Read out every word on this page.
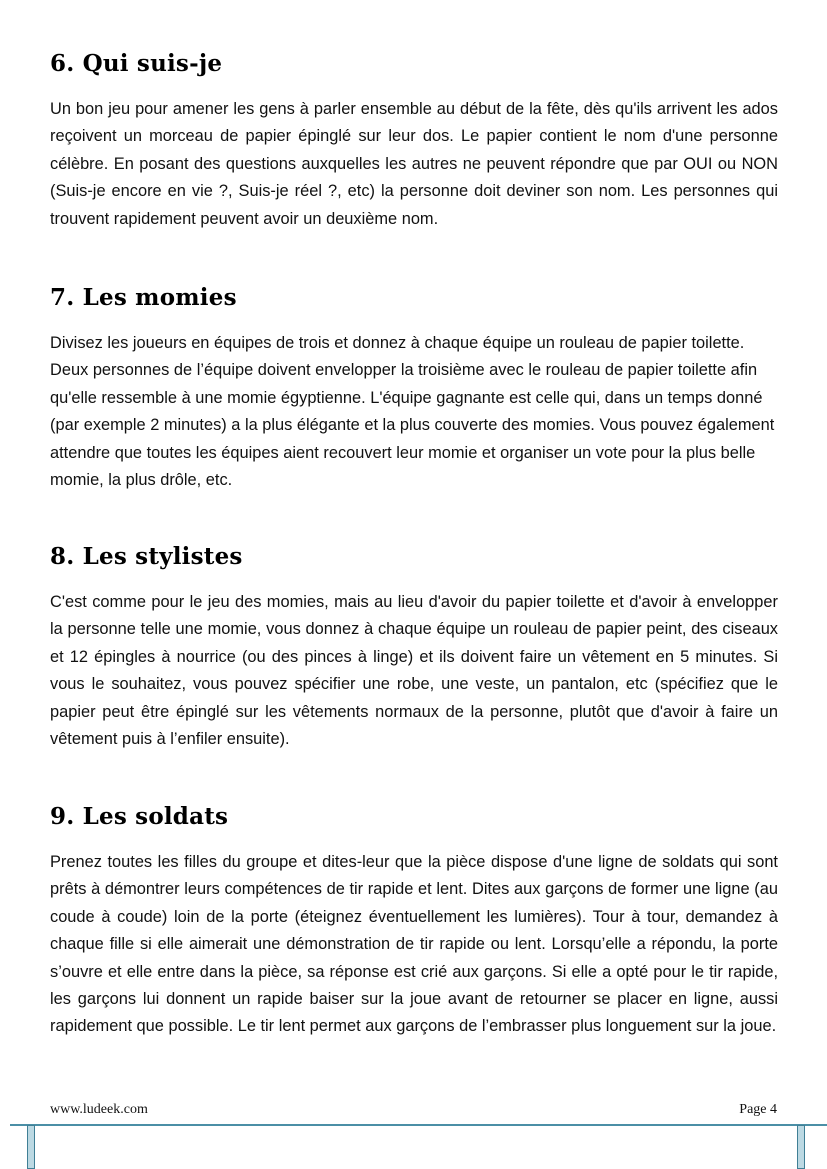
6. Qui suis-je

Un bon jeu pour amener les gens à parler ensemble au début de la fête, dès qu'ils arrivent les ados reçoivent un morceau de papier épinglé sur leur dos. Le papier contient le nom d'une personne célèbre. En posant des questions auxquelles les autres ne peuvent répondre que par OUI ou NON (Suis-je encore en vie ?, Suis-je réel ?, etc) la personne doit deviner son nom. Les personnes qui trouvent rapidement peuvent avoir un deuxième nom.

7. Les momies

Divisez les joueurs en équipes de trois et donnez à chaque équipe un rouleau de papier toilette. Deux personnes de l’équipe doivent envelopper la troisième avec le rouleau de papier toilette afin qu'elle ressemble à une momie égyptienne. L'équipe gagnante est celle qui, dans un temps donné (par exemple 2 minutes) a la plus élégante et la plus couverte des momies. Vous pouvez également attendre que toutes les équipes aient recouvert leur momie et organiser un vote pour la plus belle momie, la plus drôle, etc.

8. Les stylistes

C'est comme pour le jeu des momies, mais au lieu d'avoir du papier toilette et d'avoir à envelopper la personne telle une momie, vous donnez à chaque équipe un rouleau de papier peint, des ciseaux et 12 épingles à nourrice (ou des pinces à linge) et ils doivent faire un vêtement en 5 minutes. Si vous le souhaitez, vous pouvez spécifier une robe, une veste, un pantalon, etc (spécifiez que le papier peut être épinglé sur les vêtements normaux de la personne, plutôt que d'avoir à faire un vêtement puis à l’enfiler ensuite).

9. Les soldats

Prenez toutes les filles du groupe et dites-leur que la pièce dispose d'une ligne de soldats qui sont prêts à démontrer leurs compétences de tir rapide et lent. Dites aux garçons de former une ligne (au coude à coude) loin de la porte (éteignez éventuellement les lumières). Tour à tour, demandez à chaque fille si elle aimerait une démonstration de tir rapide ou lent. Lorsqu’elle a répondu, la porte s’ouvre et elle entre dans la pièce, sa réponse est crié aux garçons. Si elle a opté pour le tir rapide, les garçons lui donnent un rapide baiser sur la joue avant de retourner se placer en ligne, aussi rapidement que possible. Le tir lent permet aux garçons de l’embrasser plus longuement sur la joue.

www.ludeek.com	Page 4
